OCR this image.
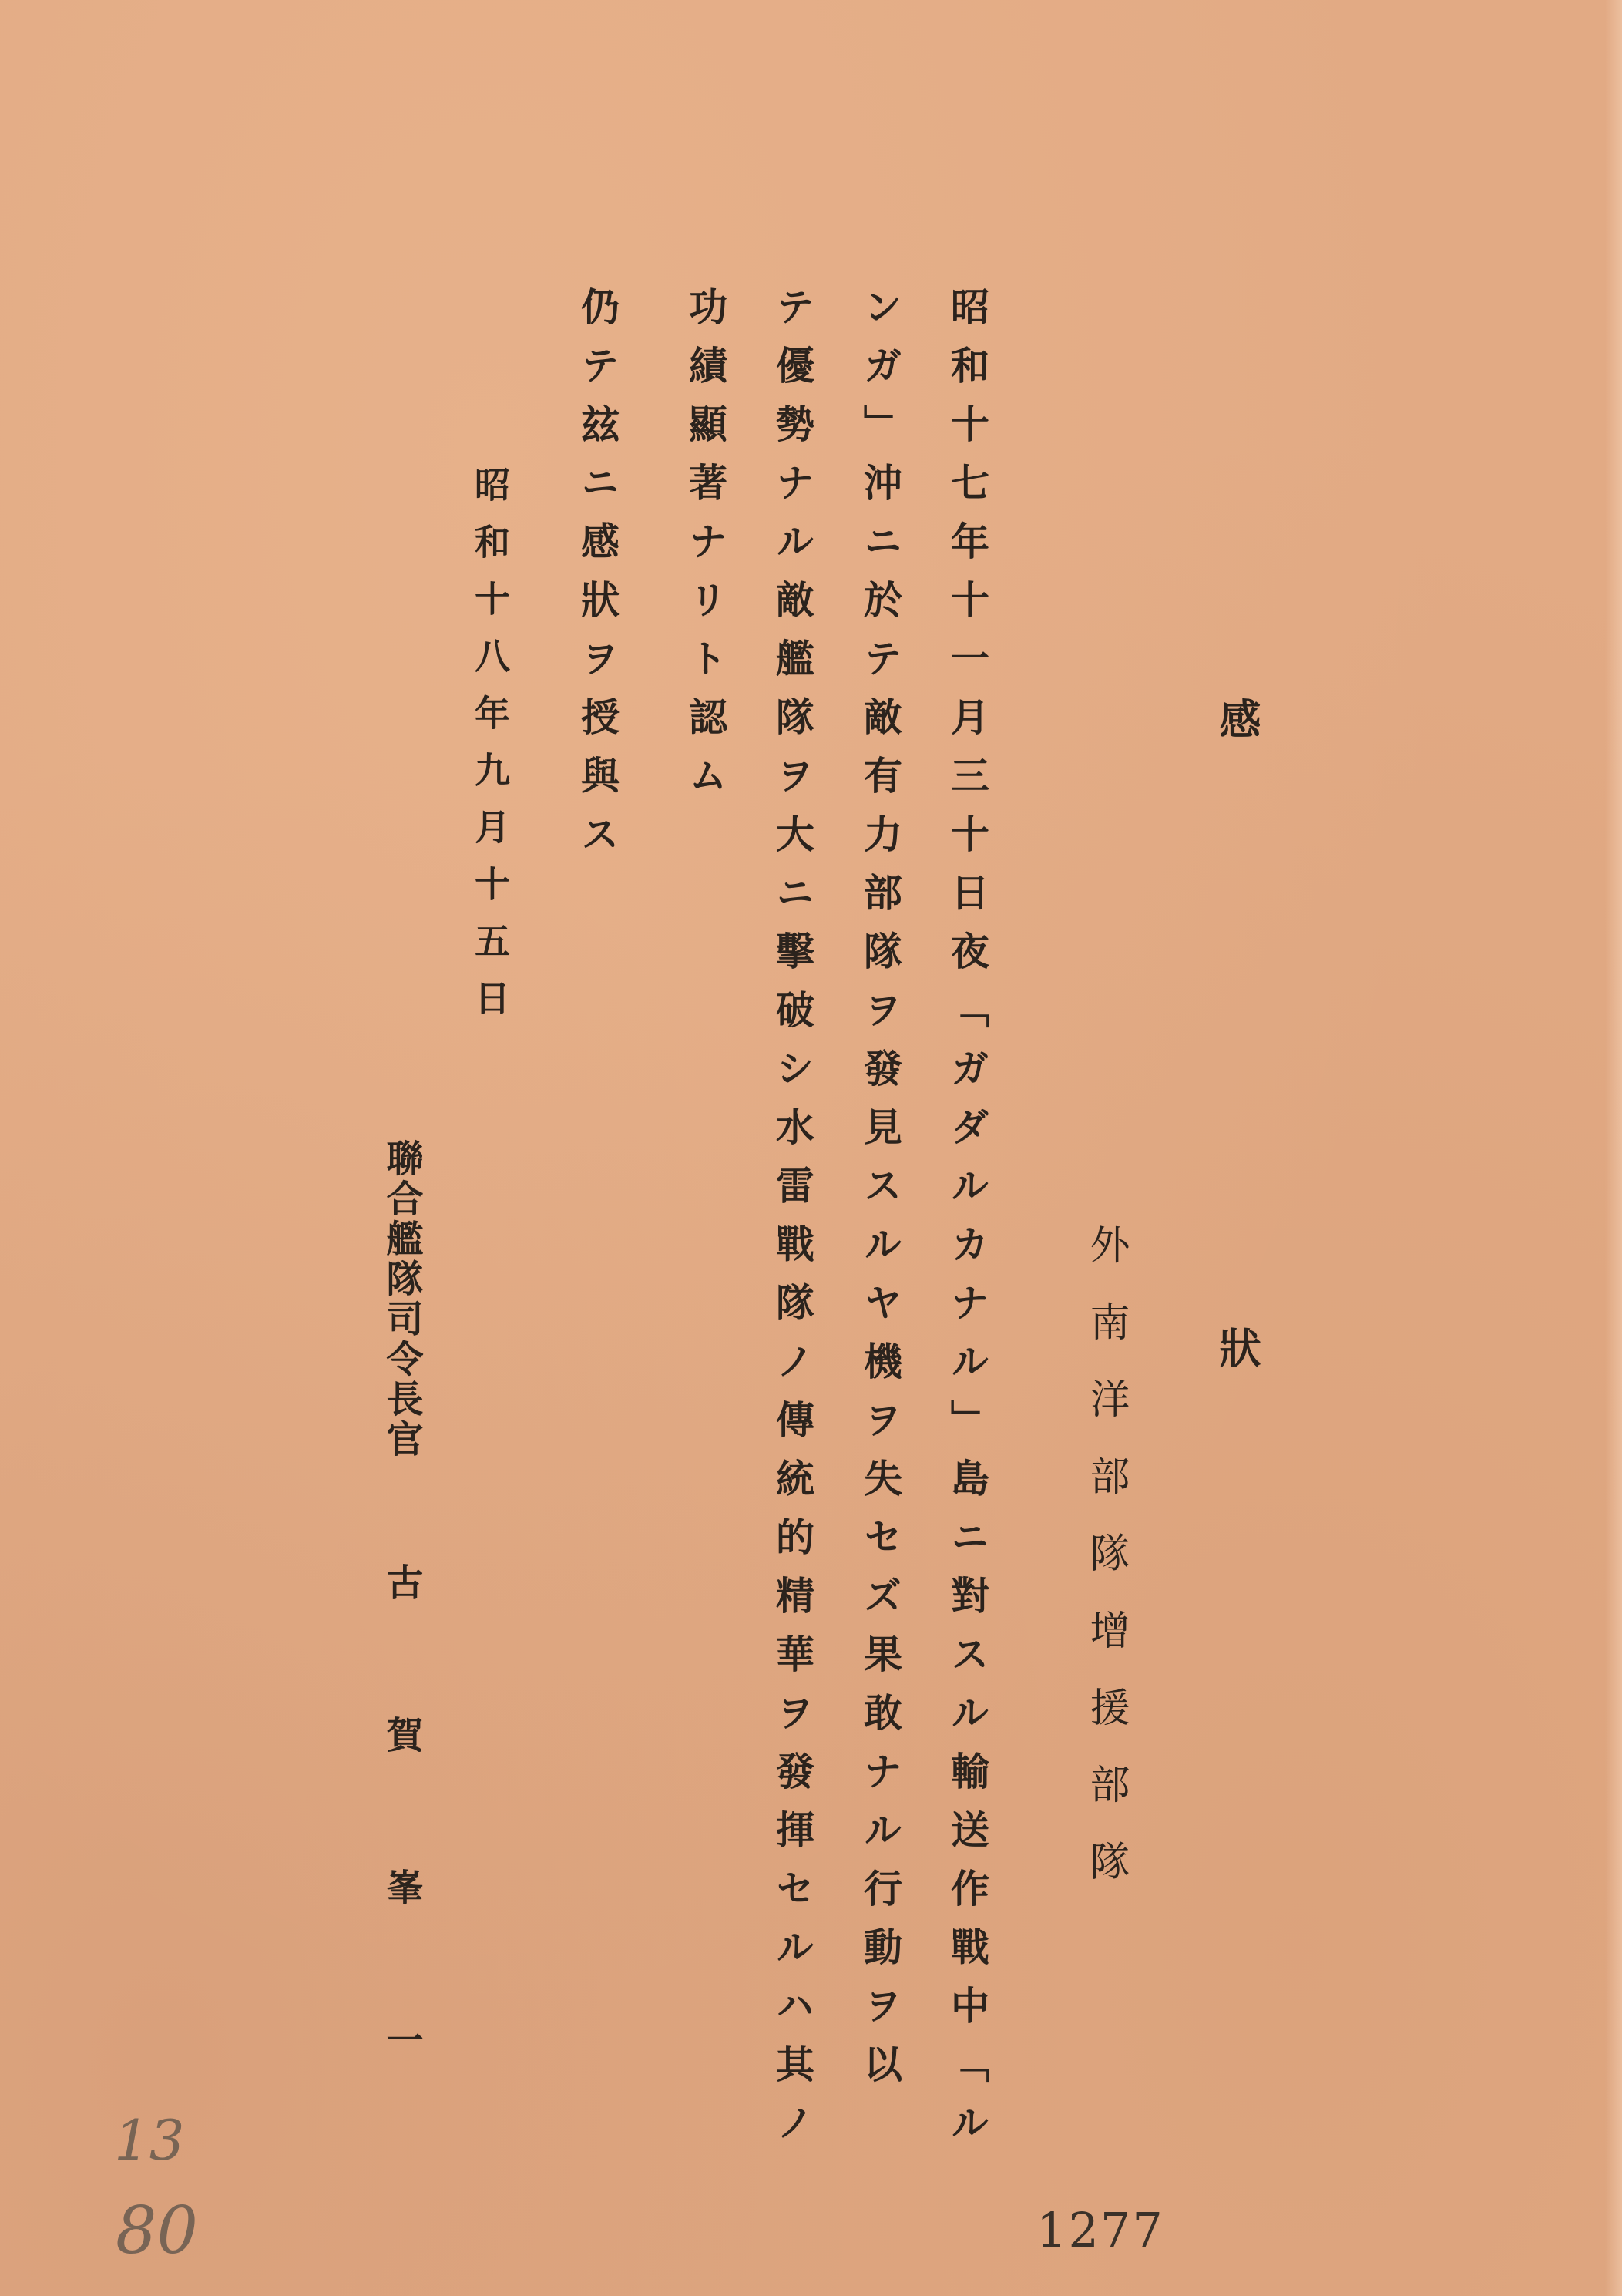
感　狀

外南洋部隊增援部隊

昭和十七年十一月三十日夜「ガダルカナル」島ニ對スル輸送作戰中「ル

ンガ」沖ニ於テ敵有力部隊ヲ發見スルヤ機ヲ失セズ果敢ナル行動ヲ以

テ優勢ナル敵艦隊ヲ大ニ擊破シ水雷戰隊ノ傳統的精華ヲ發揮セルハ其ノ

功績顯著ナリト認ム

仍テ玆ニ感狀ヲ授與ス

昭和十八年九月十五日

聯合艦隊司令長官

古賀峯一

1277

13

80
